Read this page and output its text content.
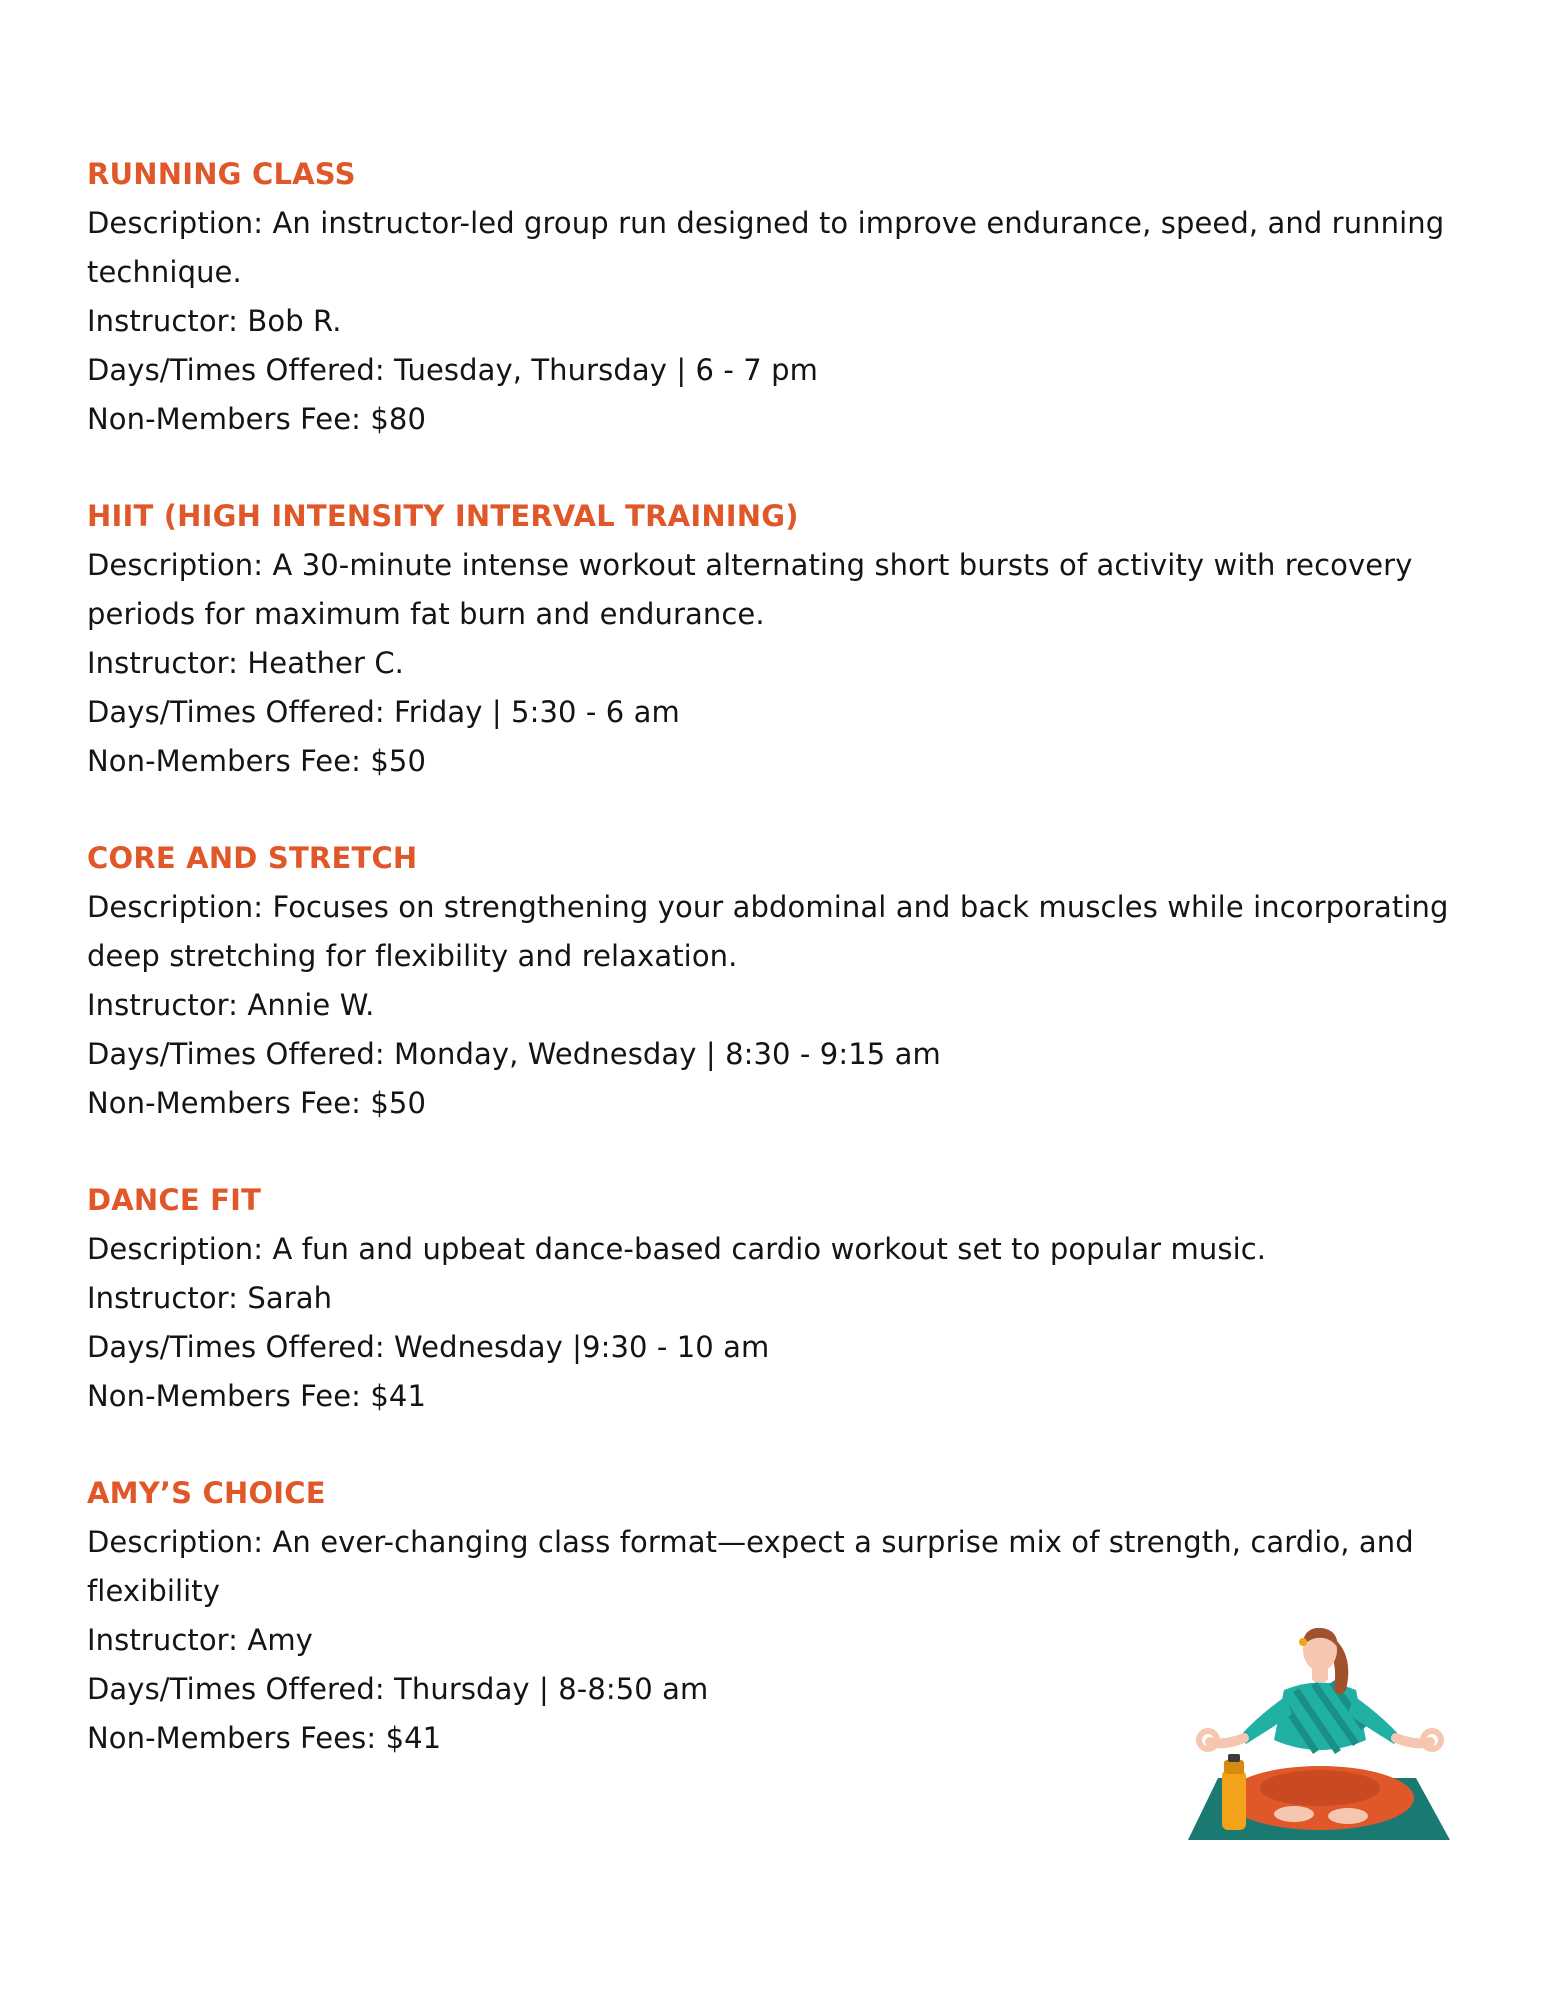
RUNNING CLASS

Description: An instructor-led group run designed to improve endurance, speed, and running technique.

Instructor: Bob R.

Days/Times Offered: Tuesday, Thursday | 6 - 7 pm

Non-Members Fee: $80

HIIT (HIGH INTENSITY INTERVAL TRAINING)

Description: A 30-minute intense workout alternating short bursts of activity with recovery periods for maximum fat burn and endurance.

Instructor: Heather C.

Days/Times Offered: Friday | 5:30 - 6 am

Non-Members Fee: $50

CORE AND STRETCH

Description: Focuses on strengthening your abdominal and back muscles while incorporating deep stretching for flexibility and relaxation.

Instructor: Annie W.

Days/Times Offered: Monday, Wednesday | 8:30 - 9:15 am

Non-Members Fee: $50

DANCE FIT

Description: A fun and upbeat dance-based cardio workout set to popular music.

Instructor: Sarah

Days/Times Offered: Wednesday |9:30 - 10 am

Non-Members Fee: $41

AMY’S CHOICE

Description: An ever-changing class format—expect a surprise mix of strength, cardio, and flexibility

Instructor: Amy

Days/Times Offered: Thursday | 8-8:50 am

Non-Members Fees: $41
